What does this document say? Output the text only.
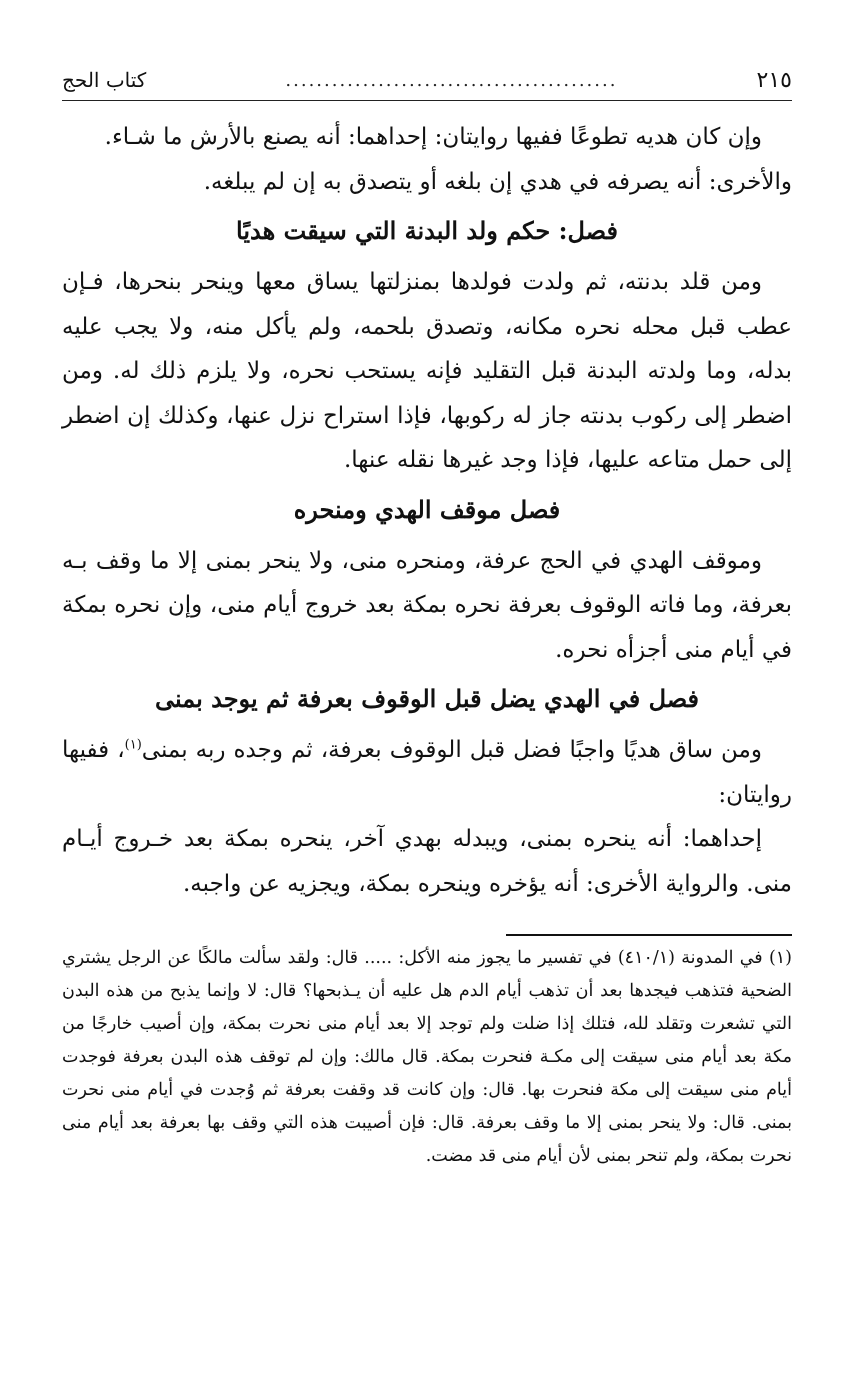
٢١٥
...........................................
كتاب الحج

وإن كان هديه تطوعًا ففيها روايتان: إحداهما: أنه يصنع بالأرش ما شـاء.

والأخرى: أنه يصرفه في هدي إن بلغه أو يتصدق به إن لم يبلغه.

فصل: حكم ولد البدنة التي سيقت هديًا

ومن قلد بدنته، ثم ولدت فولدها بمنزلتها يساق معها وينحر بنحرها، فـإن عطب قبل محله نحره مكانه، وتصدق بلحمه، ولم يأكل منه، ولا يجب عليه بدله، وما ولدته البدنة قبل التقليد فإنه يستحب نحره، ولا يلزم ذلك له. ومن اضطر إلى ركوب بدنته جاز له ركوبها، فإذا استراح نزل عنها، وكذلك إن اضطر إلى حمل متاعه عليها، فإذا وجد غيرها نقله عنها.

فصل موقف الهدي ومنحره

وموقف الهدي في الحج عرفة، ومنحره منى، ولا ينحر بمنى إلا ما وقف بـه بعرفة، وما فاته الوقوف بعرفة نحره بمكة بعد خروج أيام منى، وإن نحره بمكة في أيام منى أجزأه نحره.

فصل في الهدي يضل قبل الوقوف بعرفة ثم يوجد بمنى

ومن ساق هديًا واجبًا فضل قبل الوقوف بعرفة، ثم وجده ربه بمنى$^{(١)}$، ففيها روايتان:

إحداهما: أنه ينحره بمنى، ويبدله بهدي آخر، ينحره بمكة بعد خـروج أيـام منى. والرواية الأخرى: أنه يؤخره وينحره بمكة، ويجزيه عن واجبه.

(١) في المدونة (٤١٠/١) في تفسير ما يجوز منه الأكل: ..... قال: ولقد سألت مالكًا عن الرجل يشتري الضحية فتذهب فيجدها بعد أن تذهب أيام الدم هل عليه أن يـذبحها؟ قال: لا وإنما يذبح من هذه البدن التي تشعرت وتقلد لله، فتلك إذا ضلت ولم توجد إلا بعد أيام منى نحرت بمكة، وإن أصيب خارجًا من مكة بعد أيام منى سيقت إلى مكـة فنحرت بمكة. قال مالك: وإن لم توقف هذه البدن بعرفة فوجدت أيام منى سيقت إلى مكة فنحرت بها. قال: وإن كانت قد وقفت بعرفة ثم وُجدت في أيام منى نحرت بمنى. قال: ولا ينحر بمنى إلا ما وقف بعرفة. قال: فإن أصيبت هذه التي وقف بها بعرفة بعد أيام منى نحرت بمكة، ولم تنحر بمنى لأن أيام منى قد مضت.
